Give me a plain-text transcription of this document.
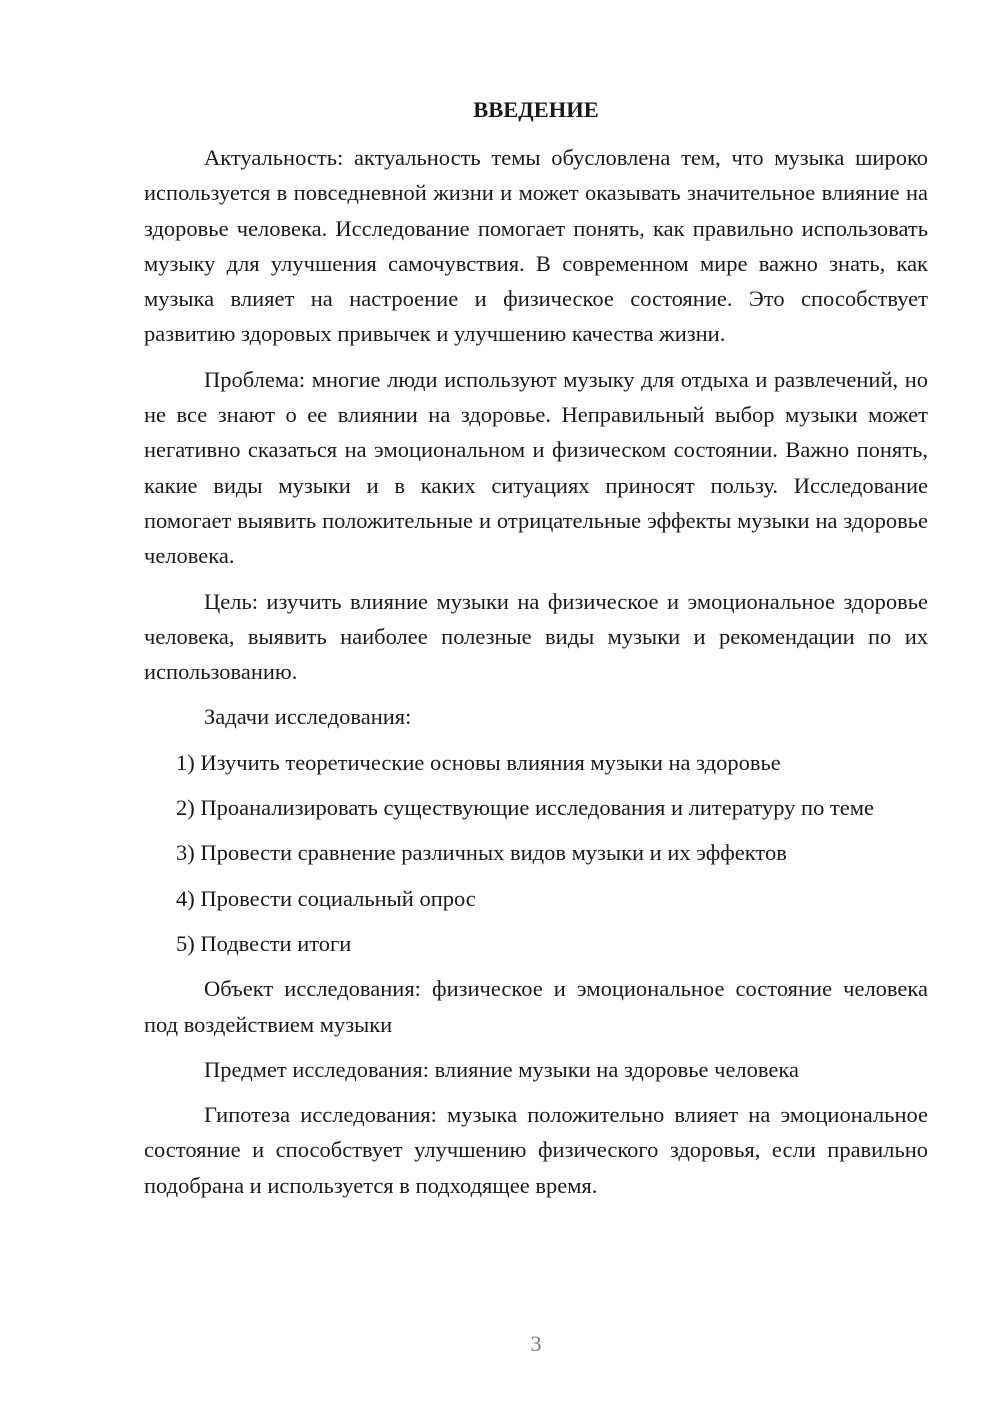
ВВЕДЕНИЕ

Актуальность: актуальность темы обусловлена тем, что музыка широко используется в повседневной жизни и может оказывать значительное влияние на здоровье человека. Исследование помогает понять, как правильно использовать музыку для улучшения самочувствия. В современном мире важно знать, как музыка влияет на настроение и физическое состояние. Это способствует развитию здоровых привычек и улучшению качества жизни.

Проблема: многие люди используют музыку для отдыха и развлечений, но не все знают о ее влиянии на здоровье. Неправильный выбор музыки может негативно сказаться на эмоциональном и физическом состоянии. Важно понять, какие виды музыки и в каких ситуациях приносят пользу. Исследование помогает выявить положительные и отрицательные эффекты музыки на здоровье человека.

Цель: изучить влияние музыки на физическое и эмоциональное здоровье человека, выявить наиболее полезные виды музыки и рекомендации по их использованию.

Задачи исследования:

1) Изучить теоретические основы влияния музыки на здоровье

2) Проанализировать существующие исследования и литературу по теме

3) Провести сравнение различных видов музыки и их эффектов

4) Провести социальный опрос

5) Подвести итоги

Объект исследования: физическое и эмоциональное состояние человека под воздействием музыки

Предмет исследования: влияние музыки на здоровье человека

Гипотеза исследования: музыка положительно влияет на эмоциональное состояние и способствует улучшению физического здоровья, если правильно подобрана и используется в подходящее время.

3
